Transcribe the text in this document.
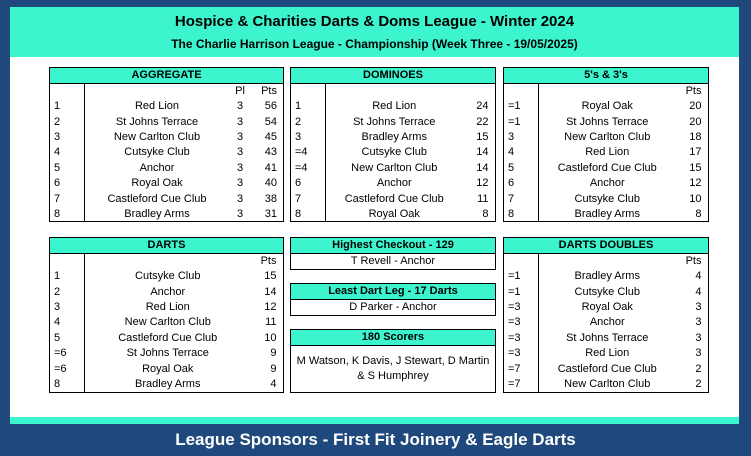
Hospice & Charities Darts & Doms League - Winter 2024
The Charlie Harrison League - Championship (Week Three - 19/05/2025)
AGGREGATE
		Pl	Pts
1	Red Lion	3	56
2	St Johns Terrace	3	54
3	New Carlton Club	3	45
4	Cutsyke Club	3	43
5	Anchor	3	41
6	Royal Oak	3	40
7	Castleford Cue Club	3	38
8	Bradley Arms	3	31
DOMINOES

1	Red Lion	24
2	St Johns Terrace	22
3	Bradley Arms	15
=4	Cutsyke Club	14
=4	New Carlton Club	14
6	Anchor	12
7	Castleford Cue Club	11
8	Royal Oak	8
5's & 3's
		Pts
=1	Royal Oak	20
=1	St Johns Terrace	20
3	New Carlton Club	18
4	Red Lion	17
5	Castleford Cue Club	15
6	Anchor	12
7	Cutsyke Club	10
8	Bradley Arms	8
DARTS
		Pts
1	Cutsyke Club	15
2	Anchor	14
3	Red Lion	12
4	New Carlton Club	11
5	Castleford Cue Club	10
=6	St Johns Terrace	9
=6	Royal Oak	9
8	Bradley Arms	4
Highest Checkout - 129
T Revell - Anchor
Least Dart Leg - 17 Darts
D Parker - Anchor
180 Scorers
M Watson, K Davis, J Stewart, D Martin
& S Humphrey
DARTS DOUBLES
		Pts
=1	Bradley Arms	4
=1	Cutsyke Club	4
=3	Royal Oak	3
=3	Anchor	3
=3	St Johns Terrace	3
=3	Red Lion	3
=7	Castleford Cue Club	2
=7	New Carlton Club	2
League Sponsors - First Fit Joinery & Eagle Darts
